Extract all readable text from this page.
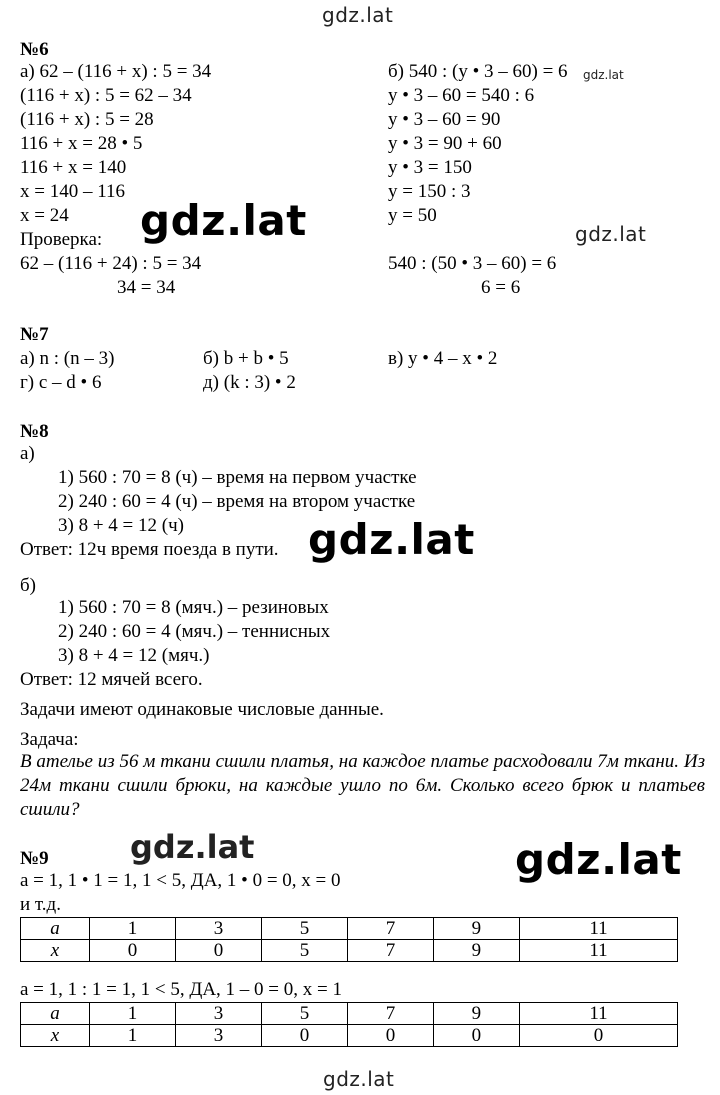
gdz.lat
gdz.lat	gdz.lat
gdz.lat
gdz.lat	gdz.lat
gdz.lat
№6
а) 62 – (116 + x) : 5 = 34
(116 + x) : 5 = 62 – 34
(116 + x) : 5 = 28
116 + x = 28 • 5
116 + x = 140
x = 140 – 116
x = 24
Проверка:
62 – (116 + 24) : 5 = 34
34 = 34
б) 540 : (y • 3 – 60) = 6 gdz.lat
y • 3 – 60 = 540 : 6
y • 3 – 60 = 90
y • 3 = 90 + 60
y • 3 = 150
y = 150 : 3
y = 50
540 : (50 • 3 – 60) = 6
6 = 6
№7
а) n : (n – 3)	б) b + b • 5	в) y • 4 – x • 2
г) c – d • 6	д) (k : 3) • 2
№8
а)
1) 560 : 70 = 8 (ч) – время на первом участке
2) 240 : 60 = 4 (ч) – время на втором участке
3) 8 + 4 = 12 (ч)
Ответ: 12ч время поезда в пути.
б)
1) 560 : 70 = 8 (мяч.) – резиновых
2) 240 : 60 = 4 (мяч.) – теннисных
3) 8 + 4 = 12 (мяч.)
Ответ: 12 мячей всего.
Задачи имеют одинаковые числовые данные.
Задача:
В ателье из 56 м ткани сшили платья, на каждое платье расходовали 7м ткани. Из 24м ткани сшили брюки, на каждые ушло по 6м. Сколько всего брюк и платьев сшили?
№9
a = 1, 1 • 1 = 1, 1 < 5, ДА, 1 • 0 = 0, x = 0
и т.д.
a	1	3	5	7	9	11
x	0	0	5	7	9	11
a = 1, 1 : 1 = 1, 1 < 5, ДА, 1 – 0 = 0, x = 1
a	1	3	5	7	9	11
x	1	3	0	0	0	0
